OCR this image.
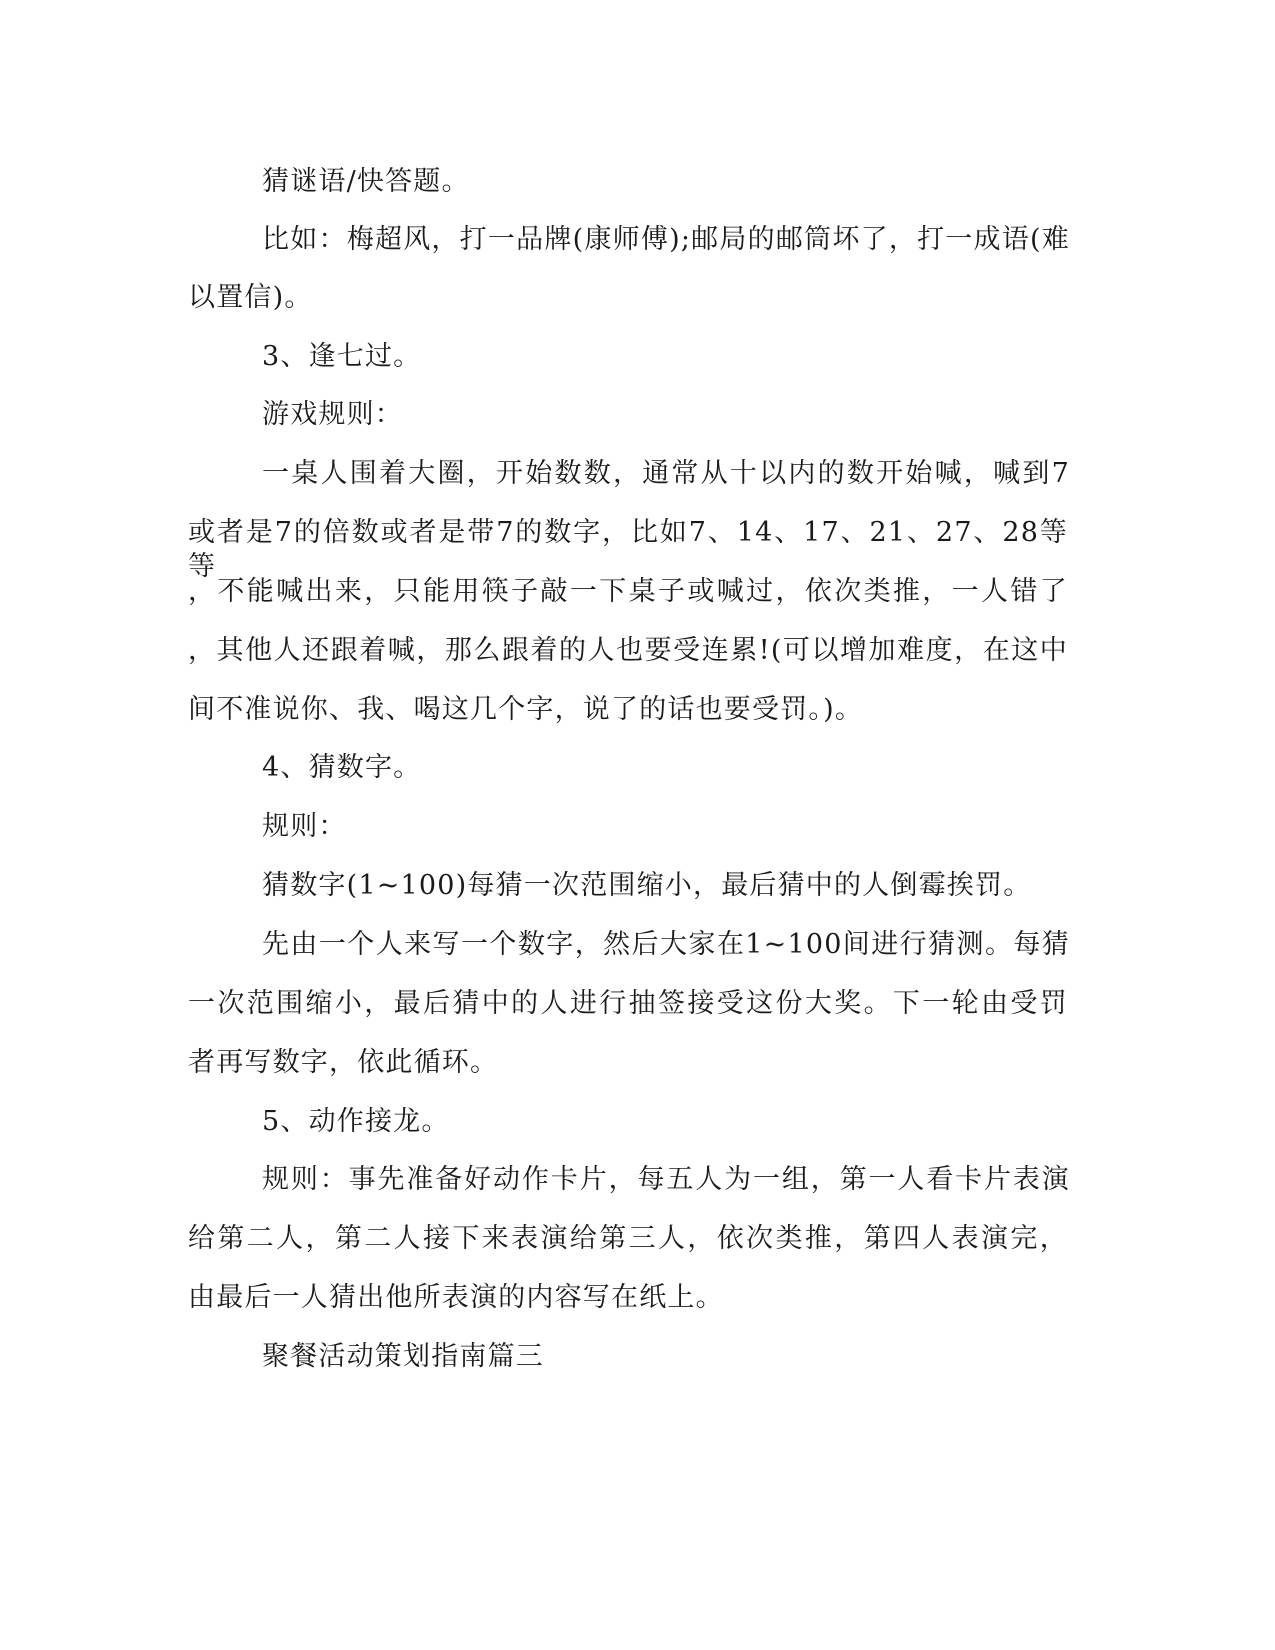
猜谜语/快答题。
比如：梅超风，打一品牌(康师傅);邮局的邮筒坏了，打一成语(难
以置信)。
3、逢七过。
游戏规则：
一桌人围着大圈，开始数数，通常从十以内的数开始喊，喊到7
或者是7的倍数或者是带7的数字，比如7、14、17、21、27、28等等
，不能喊出来，只能用筷子敲一下桌子或喊过，依次类推，一人错了
，其他人还跟着喊，那么跟着的人也要受连累!(可以增加难度，在这中
间不准说你、我、喝这几个字，说了的话也要受罚。)。
4、猜数字。
规则：
猜数字(1~100)每猜一次范围缩小，最后猜中的人倒霉挨罚。
先由一个人来写一个数字，然后大家在1~100间进行猜测。每猜
一次范围缩小，最后猜中的人进行抽签接受这份大奖。下一轮由受罚
者再写数字，依此循环。
5、动作接龙。
规则：事先准备好动作卡片，每五人为一组，第一人看卡片表演
给第二人，第二人接下来表演给第三人，依次类推，第四人表演完，
由最后一人猜出他所表演的内容写在纸上。
聚餐活动策划指南篇三
